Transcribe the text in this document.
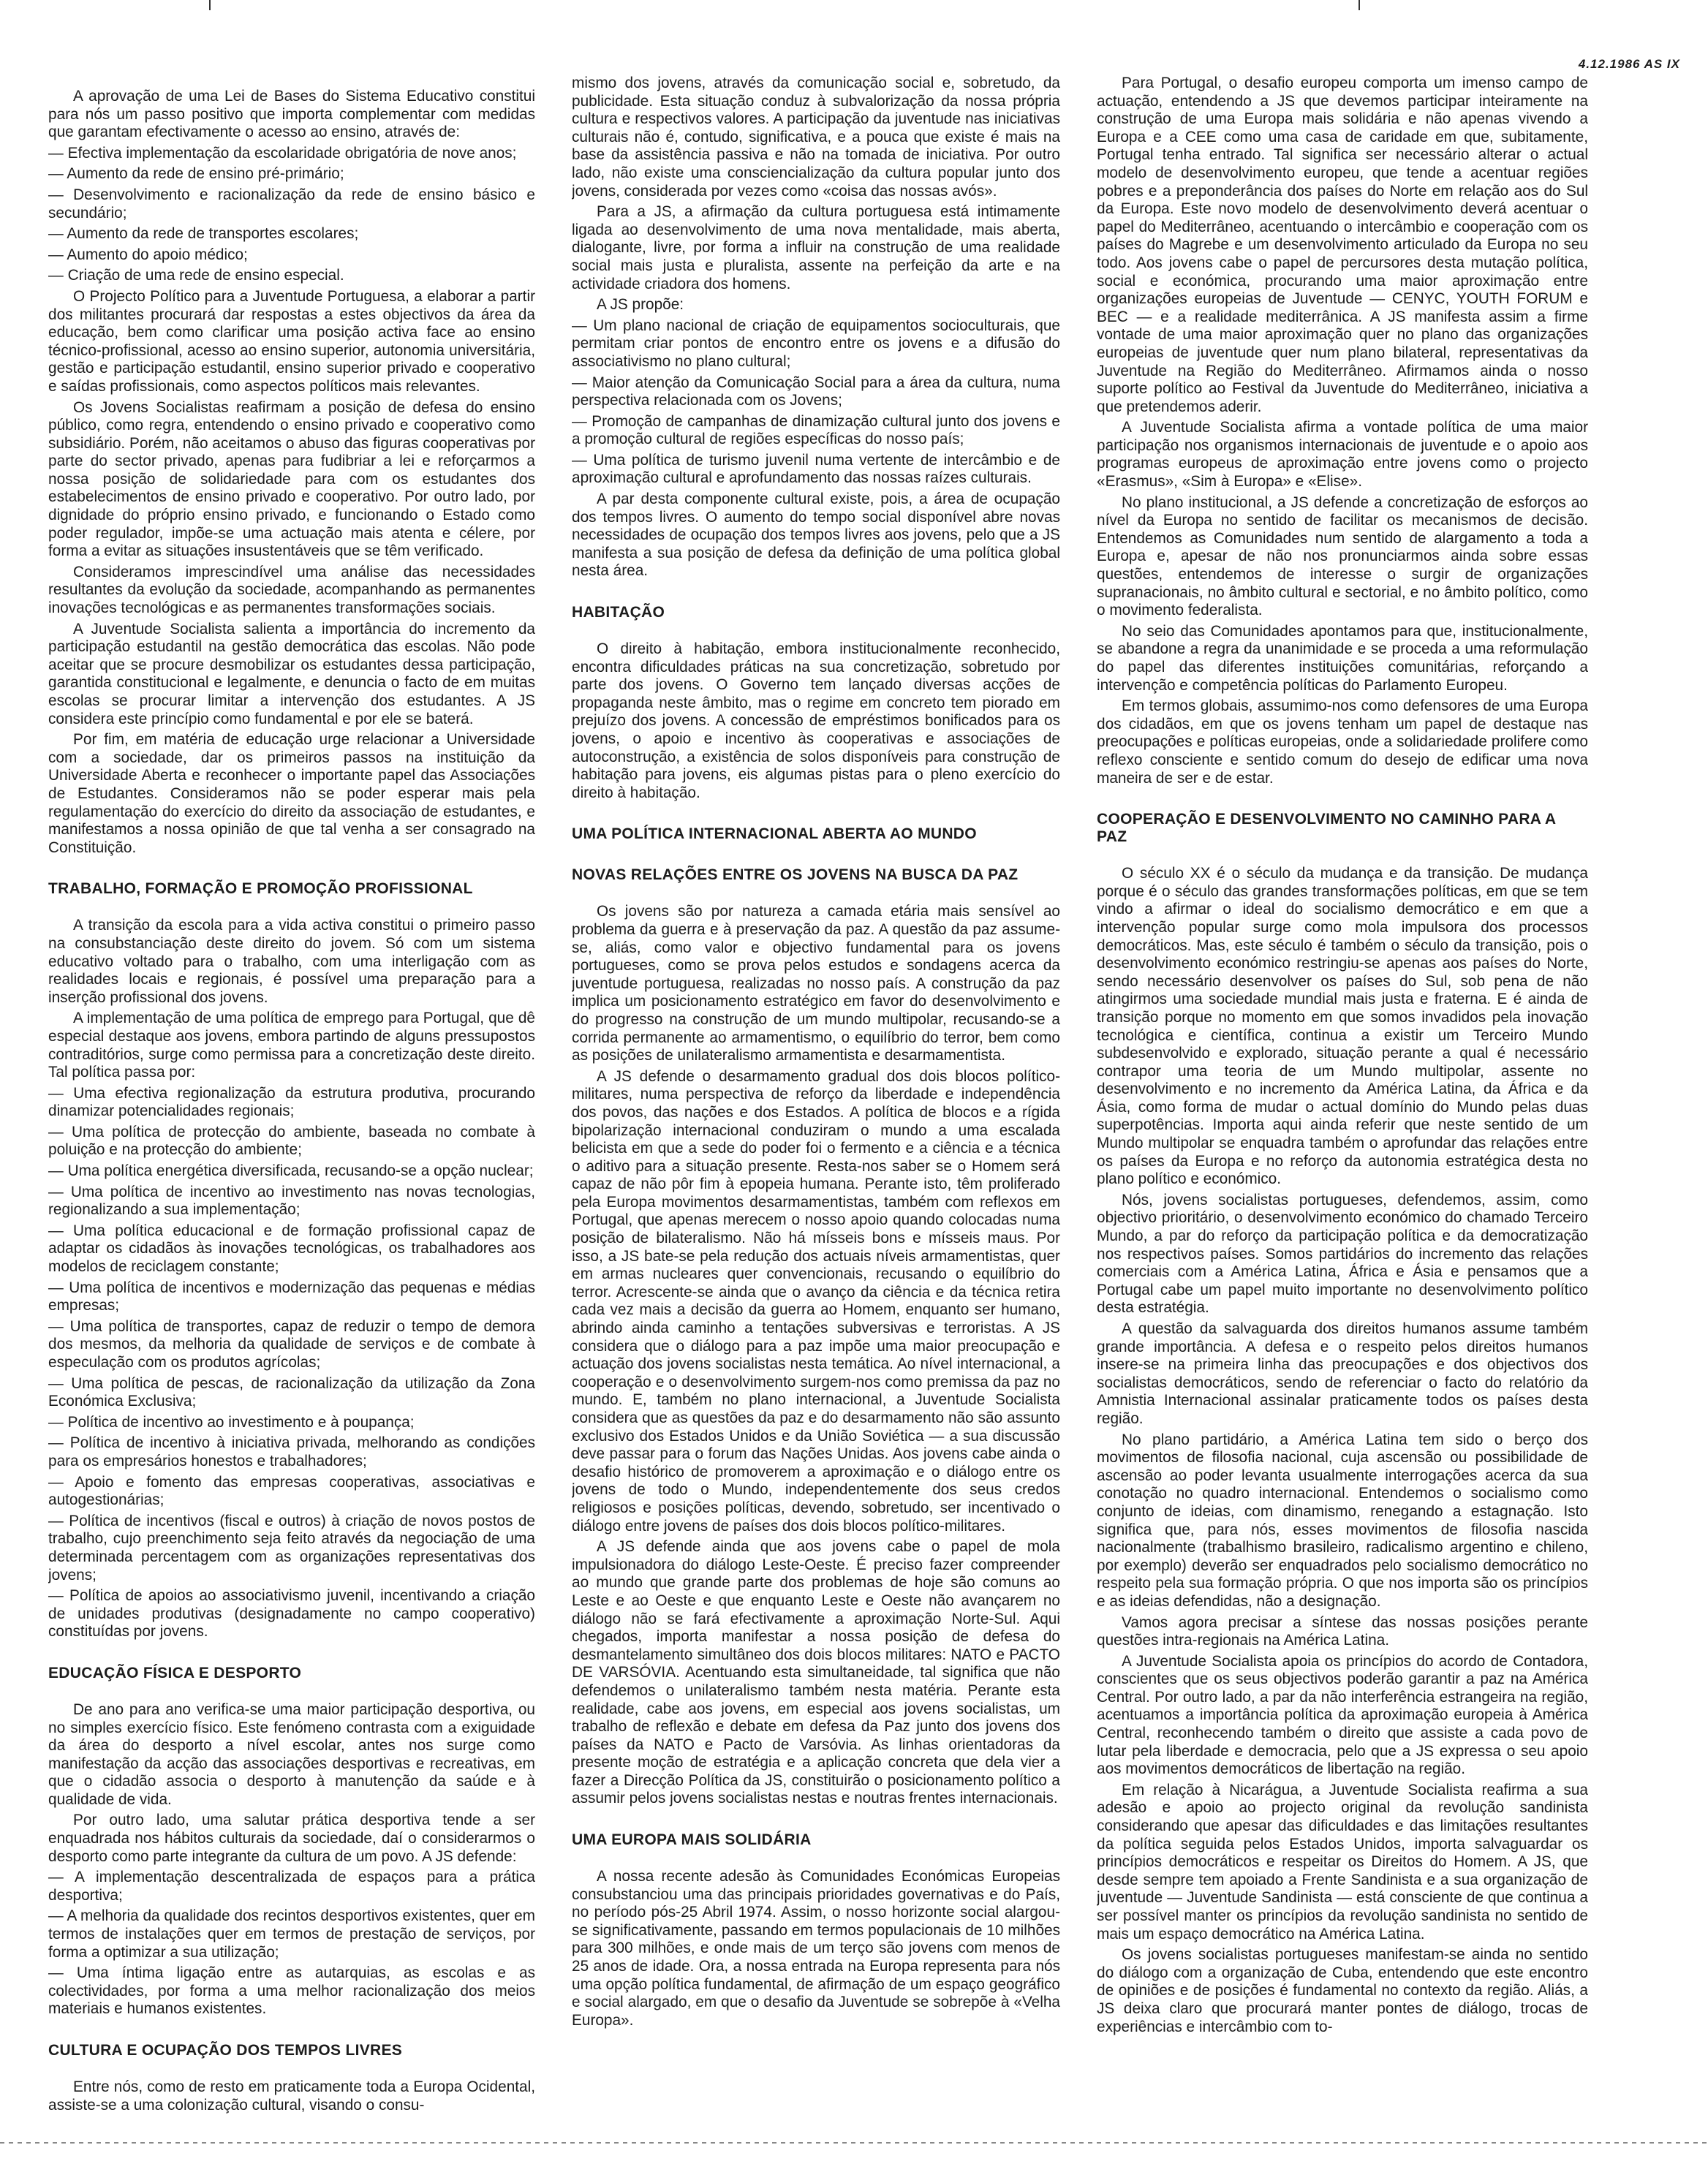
4.12.1986 AS IX

A aprovação de uma Lei de Bases do Sistema Educativo constitui para nós um passo positivo que importa complementar com medidas que garantam efectivamente o acesso ao ensino, através de:

— Efectiva implementação da escolaridade obrigatória de nove anos;

— Aumento da rede de ensino pré-primário;

— Desenvolvimento e racionalização da rede de ensino básico e secundário;

— Aumento da rede de transportes escolares;

— Aumento do apoio médico;

— Criação de uma rede de ensino especial.

O Projecto Político para a Juventude Portuguesa, a elaborar a partir dos militantes procurará dar respostas a estes objectivos da área da educação, bem como clarificar uma posição activa face ao ensino técnico-profissional, acesso ao ensino superior, autonomia universitária, gestão e participação estudantil, ensino superior privado e cooperativo e saídas profissionais, como aspectos políticos mais relevantes.

Os Jovens Socialistas reafirmam a posição de defesa do ensino público, como regra, entendendo o ensino privado e cooperativo como subsidiário. Porém, não aceitamos o abuso das figuras cooperativas por parte do sector privado, apenas para fudibriar a lei e reforçarmos a nossa posição de solidariedade para com os estudantes dos estabelecimentos de ensino privado e cooperativo. Por outro lado, por dignidade do próprio ensino privado, e funcionando o Estado como poder regulador, impõe-se uma actuação mais atenta e célere, por forma a evitar as situações insustentáveis que se têm verificado.

Consideramos imprescindível uma análise das necessidades resultantes da evolução da sociedade, acompanhando as permanentes inovações tecnológicas e as permanentes transformações sociais.

A Juventude Socialista salienta a importância do incremento da participação estudantil na gestão democrática das escolas. Não pode aceitar que se procure desmobilizar os estudantes dessa participação, garantida constitucional e legalmente, e denuncia o facto de em muitas escolas se procurar limitar a intervenção dos estudantes. A JS considera este princípio como fundamental e por ele se baterá.

Por fim, em matéria de educação urge relacionar a Universidade com a sociedade, dar os primeiros passos na instituição da Universidade Aberta e reconhecer o importante papel das Associações de Estudantes. Consideramos não se poder esperar mais pela regulamentação do exercício do direito da associação de estudantes, e manifestamos a nossa opinião de que tal venha a ser consagrado na Constituição.

TRABALHO, FORMAÇÃO E PROMOÇÃO PROFISSIONAL

A transição da escola para a vida activa constitui o primeiro passo na consubstanciação deste direito do jovem. Só com um sistema educativo voltado para o trabalho, com uma interligação com as realidades locais e regionais, é possível uma preparação para a inserção profissional dos jovens.

A implementação de uma política de emprego para Portugal, que dê especial destaque aos jovens, embora partindo de alguns pressupostos contraditórios, surge como permissa para a concretização deste direito. Tal política passa por:

— Uma efectiva regionalização da estrutura produtiva, procurando dinamizar potencialidades regionais;

— Uma política de protecção do ambiente, baseada no combate à poluição e na protecção do ambiente;

— Uma política energética diversificada, recusando-se a opção nuclear;

— Uma política de incentivo ao investimento nas novas tecnologias, regionalizando a sua implementação;

— Uma política educacional e de formação profissional capaz de adaptar os cidadãos às inovações tecnológicas, os trabalhadores aos modelos de reciclagem constante;

— Uma política de incentivos e modernização das pequenas e médias empresas;

— Uma política de transportes, capaz de reduzir o tempo de demora dos mesmos, da melhoria da qualidade de serviços e de combate à especulação com os produtos agrícolas;

— Uma política de pescas, de racionalização da utilização da Zona Económica Exclusiva;

— Política de incentivo ao investimento e à poupança;

— Política de incentivo à iniciativa privada, melhorando as condições para os empresários honestos e trabalhadores;

— Apoio e fomento das empresas cooperativas, associativas e autogestionárias;

— Política de incentivos (fiscal e outros) à criação de novos postos de trabalho, cujo preenchimento seja feito através da negociação de uma determinada percentagem com as organizações representativas dos jovens;

— Política de apoios ao associativismo juvenil, incentivando a criação de unidades produtivas (designadamente no campo cooperativo) constituídas por jovens.

EDUCAÇÃO FÍSICA E DESPORTO

De ano para ano verifica-se uma maior participação desportiva, ou no simples exercício físico. Este fenómeno contrasta com a exiguidade da área do desporto a nível escolar, antes nos surge como manifestação da acção das associações desportivas e recreativas, em que o cidadão associa o desporto à manutenção da saúde e à qualidade de vida.

Por outro lado, uma salutar prática desportiva tende a ser enquadrada nos hábitos culturais da sociedade, daí o considerarmos o desporto como parte integrante da cultura de um povo. A JS defende:

— A implementação descentralizada de espaços para a prática desportiva;

— A melhoria da qualidade dos recintos desportivos existentes, quer em termos de instalações quer em termos de prestação de serviços, por forma a optimizar a sua utilização;

— Uma íntima ligação entre as autarquias, as escolas e as colectividades, por forma a uma melhor racionalização dos meios materiais e humanos existentes.

CULTURA E OCUPAÇÃO DOS TEMPOS LIVRES

Entre nós, como de resto em praticamente toda a Europa Ocidental, assiste-se a uma colonização cultural, visando o consu-

mismo dos jovens, através da comunicação social e, sobretudo, da publicidade. Esta situação conduz à subvalorização da nossa própria cultura e respectivos valores. A participação da juventude nas iniciativas culturais não é, contudo, significativa, e a pouca que existe é mais na base da assistência passiva e não na tomada de iniciativa. Por outro lado, não existe uma consciencialização da cultura popular junto dos jovens, considerada por vezes como «coisa das nossas avós».

Para a JS, a afirmação da cultura portuguesa está intimamente ligada ao desenvolvimento de uma nova mentalidade, mais aberta, dialogante, livre, por forma a influir na construção de uma realidade social mais justa e pluralista, assente na perfeição da arte e na actividade criadora dos homens.

A JS propõe:

— Um plano nacional de criação de equipamentos socioculturais, que permitam criar pontos de encontro entre os jovens e a difusão do associativismo no plano cultural;

— Maior atenção da Comunicação Social para a área da cultura, numa perspectiva relacionada com os Jovens;

— Promoção de campanhas de dinamização cultural junto dos jovens e a promoção cultural de regiões específicas do nosso país;

— Uma política de turismo juvenil numa vertente de intercâmbio e de aproximação cultural e aprofundamento das nossas raízes culturais.

A par desta componente cultural existe, pois, a área de ocupação dos tempos livres. O aumento do tempo social disponível abre novas necessidades de ocupação dos tempos livres aos jovens, pelo que a JS manifesta a sua posição de defesa da definição de uma política global nesta área.

HABITAÇÃO

O direito à habitação, embora institucionalmente reconhecido, encontra dificuldades práticas na sua concretização, sobretudo por parte dos jovens. O Governo tem lançado diversas acções de propaganda neste âmbito, mas o regime em concreto tem piorado em prejuízo dos jovens. A concessão de empréstimos bonificados para os jovens, o apoio e incentivo às cooperativas e associações de autoconstrução, a existência de solos disponíveis para construção de habitação para jovens, eis algumas pistas para o pleno exercício do direito à habitação.

UMA POLÍTICA INTERNACIONAL ABERTA AO MUNDO
NOVAS RELAÇÕES ENTRE OS JOVENS NA BUSCA DA PAZ

Os jovens são por natureza a camada etária mais sensível ao problema da guerra e à preservação da paz. A questão da paz assume-se, aliás, como valor e objectivo fundamental para os jovens portugueses, como se prova pelos estudos e sondagens acerca da juventude portuguesa, realizadas no nosso país. A construção da paz implica um posicionamento estratégico em favor do desenvolvimento e do progresso na construção de um mundo multipolar, recusando-se a corrida permanente ao armamentismo, o equilíbrio do terror, bem como as posições de unilateralismo armamentista e desarmamentista.

A JS defende o desarmamento gradual dos dois blocos político-militares, numa perspectiva de reforço da liberdade e independência dos povos, das nações e dos Estados. A política de blocos e a rígida bipolarização internacional conduziram o mundo a uma escalada belicista em que a sede do poder foi o fermento e a ciência e a técnica o aditivo para a situação presente. Resta-nos saber se o Homem será capaz de não pôr fim à epopeia humana. Perante isto, têm proliferado pela Europa movimentos desarmamentistas, também com reflexos em Portugal, que apenas merecem o nosso apoio quando colocadas numa posição de bilateralismo. Não há mísseis bons e mísseis maus. Por isso, a JS bate-se pela redução dos actuais níveis armamentistas, quer em armas nucleares quer convencionais, recusando o equilíbrio do terror. Acrescente-se ainda que o avanço da ciência e da técnica retira cada vez mais a decisão da guerra ao Homem, enquanto ser humano, abrindo ainda caminho a tentações subversivas e terroristas. A JS considera que o diálogo para a paz impõe uma maior preocupação e actuação dos jovens socialistas nesta temática. Ao nível internacional, a cooperação e o desenvolvimento surgem-nos como premissa da paz no mundo. E, também no plano internacional, a Juventude Socialista considera que as questões da paz e do desarmamento não são assunto exclusivo dos Estados Unidos e da União Soviética — a sua discussão deve passar para o forum das Nações Unidas. Aos jovens cabe ainda o desafio histórico de promoverem a aproximação e o diálogo entre os jovens de todo o Mundo, independentemente dos seus credos religiosos e posições políticas, devendo, sobretudo, ser incentivado o diálogo entre jovens de países dos dois blocos político-militares.

A JS defende ainda que aos jovens cabe o papel de mola impulsionadora do diálogo Leste-Oeste. É preciso fazer compreender ao mundo que grande parte dos problemas de hoje são comuns ao Leste e ao Oeste e que enquanto Leste e Oeste não avançarem no diálogo não se fará efectivamente a aproximação Norte-Sul. Aqui chegados, importa manifestar a nossa posição de defesa do desmantelamento simultâneo dos dois blocos militares: NATO e PACTO DE VARSÓVIA. Acentuando esta simultaneidade, tal significa que não defendemos o unilateralismo também nesta matéria. Perante esta realidade, cabe aos jovens, em especial aos jovens socialistas, um trabalho de reflexão e debate em defesa da Paz junto dos jovens dos países da NATO e Pacto de Varsóvia. As linhas orientadoras da presente moção de estratégia e a aplicação concreta que dela vier a fazer a Direcção Política da JS, constituirão o posicionamento político a assumir pelos jovens socialistas nestas e noutras frentes internacionais.

UMA EUROPA MAIS SOLIDÁRIA

A nossa recente adesão às Comunidades Económicas Europeias consubstanciou uma das principais prioridades governativas e do País, no período pós-25 Abril 1974. Assim, o nosso horizonte social alargou-se significativamente, passando em termos populacionais de 10 milhões para 300 milhões, e onde mais de um terço são jovens com menos de 25 anos de idade. Ora, a nossa entrada na Europa representa para nós uma opção política fundamental, de afirmação de um espaço geográfico e social alargado, em que o desafio da Juventude se sobrepõe à «Velha Europa».

Para Portugal, o desafio europeu comporta um imenso campo de actuação, entendendo a JS que devemos participar inteiramente na construção de uma Europa mais solidária e não apenas vivendo a Europa e a CEE como uma casa de caridade em que, subitamente, Portugal tenha entrado. Tal significa ser necessário alterar o actual modelo de desenvolvimento europeu, que tende a acentuar regiões pobres e a preponderância dos países do Norte em relação aos do Sul da Europa. Este novo modelo de desenvolvimento deverá acentuar o papel do Mediterrâneo, acentuando o intercâmbio e cooperação com os países do Magrebe e um desenvolvimento articulado da Europa no seu todo. Aos jovens cabe o papel de percursores desta mutação política, social e económica, procurando uma maior aproximação entre organizações europeias de Juventude — CENYC, YOUTH FORUM e BEC — e a realidade mediterrânica. A JS manifesta assim a firme vontade de uma maior aproximação quer no plano das organizações europeias de juventude quer num plano bilateral, representativas da Juventude na Região do Mediterrâneo. Afirmamos ainda o nosso suporte político ao Festival da Juventude do Mediterrâneo, iniciativa a que pretendemos aderir.

A Juventude Socialista afirma a vontade política de uma maior participação nos organismos internacionais de juventude e o apoio aos programas europeus de aproximação entre jovens como o projecto «Erasmus», «Sim à Europa» e «Elise».

No plano institucional, a JS defende a concretização de esforços ao nível da Europa no sentido de facilitar os mecanismos de decisão. Entendemos as Comunidades num sentido de alargamento a toda a Europa e, apesar de não nos pronunciarmos ainda sobre essas questões, entendemos de interesse o surgir de organizações supranacionais, no âmbito cultural e sectorial, e no âmbito político, como o movimento federalista.

No seio das Comunidades apontamos para que, institucionalmente, se abandone a regra da unanimidade e se proceda a uma reformulação do papel das diferentes instituições comunitárias, reforçando a intervenção e competência políticas do Parlamento Europeu.

Em termos globais, assumimo-nos como defensores de uma Europa dos cidadãos, em que os jovens tenham um papel de destaque nas preocupações e políticas europeias, onde a solidariedade prolifere como reflexo consciente e sentido comum do desejo de edificar uma nova maneira de ser e de estar.

COOPERAÇÃO E DESENVOLVIMENTO NO CAMINHO PARA A PAZ

O século XX é o século da mudança e da transição. De mudança porque é o século das grandes transformações políticas, em que se tem vindo a afirmar o ideal do socialismo democrático e em que a intervenção popular surge como mola impulsora dos processos democráticos. Mas, este século é também o século da transição, pois o desenvolvimento económico restringiu-se apenas aos países do Norte, sendo necessário desenvolver os países do Sul, sob pena de não atingirmos uma sociedade mundial mais justa e fraterna. E é ainda de transição porque no momento em que somos invadidos pela inovação tecnológica e científica, continua a existir um Terceiro Mundo subdesenvolvido e explorado, situação perante a qual é necessário contrapor uma teoria de um Mundo multipolar, assente no desenvolvimento e no incremento da América Latina, da África e da Ásia, como forma de mudar o actual domínio do Mundo pelas duas superpotências. Importa aqui ainda referir que neste sentido de um Mundo multipolar se enquadra também o aprofundar das relações entre os países da Europa e no reforço da autonomia estratégica desta no plano político e económico.

Nós, jovens socialistas portugueses, defendemos, assim, como objectivo prioritário, o desenvolvimento económico do chamado Terceiro Mundo, a par do reforço da participação política e da democratização nos respectivos países. Somos partidários do incremento das relações comerciais com a América Latina, África e Ásia e pensamos que a Portugal cabe um papel muito importante no desenvolvimento político desta estratégia.

A questão da salvaguarda dos direitos humanos assume também grande importância. A defesa e o respeito pelos direitos humanos insere-se na primeira linha das preocupações e dos objectivos dos socialistas democráticos, sendo de referenciar o facto do relatório da Amnistia Internacional assinalar praticamente todos os países desta região.

No plano partidário, a América Latina tem sido o berço dos movimentos de filosofia nacional, cuja ascensão ou possibilidade de ascensão ao poder levanta usualmente interrogações acerca da sua conotação no quadro internacional. Entendemos o socialismo como conjunto de ideias, com dinamismo, renegando a estagnação. Isto significa que, para nós, esses movimentos de filosofia nascida nacionalmente (trabalhismo brasileiro, radicalismo argentino e chileno, por exemplo) deverão ser enquadrados pelo socialismo democrático no respeito pela sua formação própria. O que nos importa são os princípios e as ideias defendidas, não a designação.

Vamos agora precisar a síntese das nossas posições perante questões intra-regionais na América Latina.

A Juventude Socialista apoia os princípios do acordo de Contadora, conscientes que os seus objectivos poderão garantir a paz na América Central. Por outro lado, a par da não interferência estrangeira na região, acentuamos a importância política da aproximação europeia à América Central, reconhecendo também o direito que assiste a cada povo de lutar pela liberdade e democracia, pelo que a JS expressa o seu apoio aos movimentos democráticos de libertação na região.

Em relação à Nicarágua, a Juventude Socialista reafirma a sua adesão e apoio ao projecto original da revolução sandinista considerando que apesar das dificuldades e das limitações resultantes da política seguida pelos Estados Unidos, importa salvaguardar os princípios democráticos e respeitar os Direitos do Homem. A JS, que desde sempre tem apoiado a Frente Sandinista e a sua organização de juventude — Juventude Sandinista — está consciente de que continua a ser possível manter os princípios da revolução sandinista no sentido de mais um espaço democrático na América Latina.

Os jovens socialistas portugueses manifestam-se ainda no sentido do diálogo com a organização de Cuba, entendendo que este encontro de opiniões e de posições é fundamental no contexto da região. Aliás, a JS deixa claro que procurará manter pontes de diálogo, trocas de experiências e intercâmbio com to-
